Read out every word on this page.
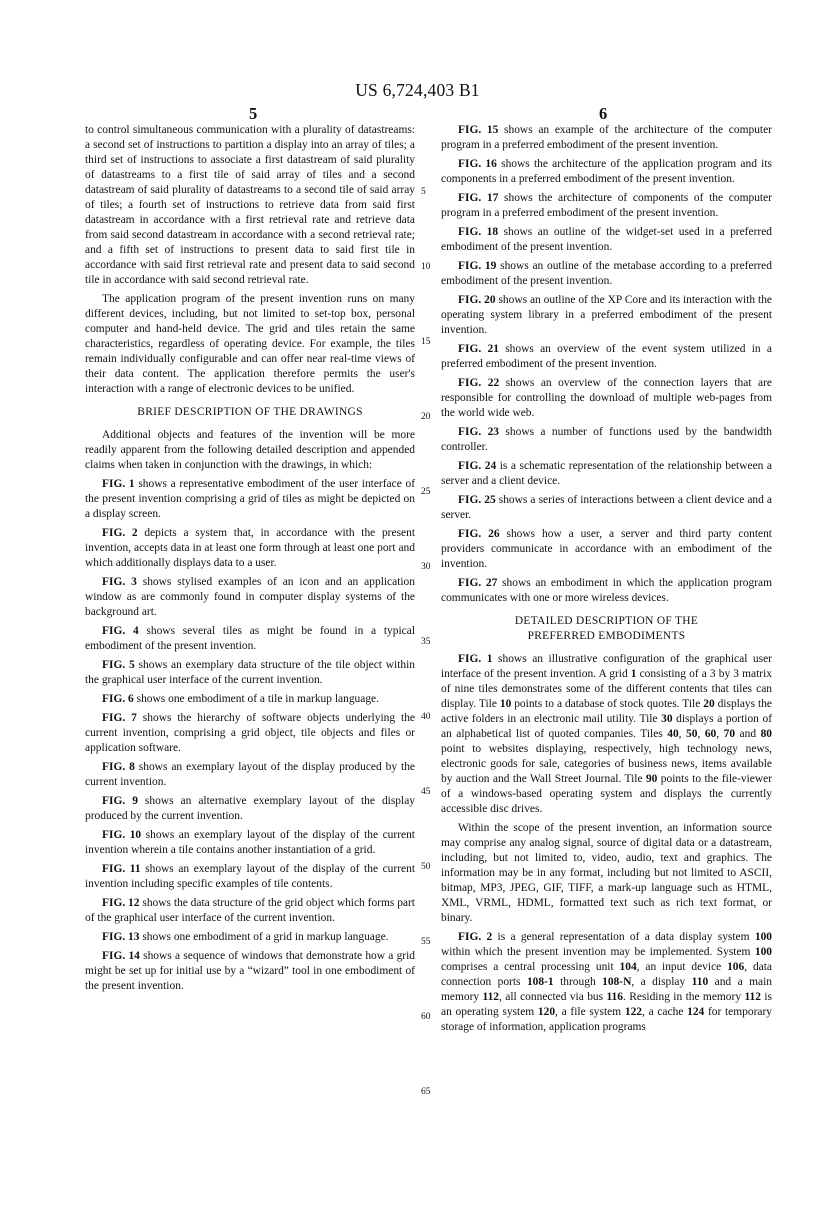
US 6,724,403 B1
5	6
5
10
15
20
25
30
35
40
45
50
55
60
65

to control simultaneous communication with a plurality of datastreams: a second set of instructions to partition a display into an array of tiles; a third set of instructions to associate a first datastream of said plurality of datastreams to a first tile of said array of tiles and a second datastream of said plurality of datastreams to a second tile of said array of tiles; a fourth set of instructions to retrieve data from said first datastream in accordance with a first retrieval rate and retrieve data from said second datastream in accordance with a second retrieval rate; and a fifth set of instructions to present data to said first tile in accordance with said first retrieval rate and present data to said second tile in accordance with said second retrieval rate.

The application program of the present invention runs on many different devices, including, but not limited to set-top box, personal computer and hand-held device. The grid and tiles retain the same characteristics, regardless of operating device. For example, the tiles remain individually configurable and can offer near real-time views of their data content. The application therefore permits the user's interaction with a range of electronic devices to be unified.

BRIEF DESCRIPTION OF THE DRAWINGS

Additional objects and features of the invention will be more readily apparent from the following detailed description and appended claims when taken in conjunction with the drawings, in which:

FIG. 1 shows a representative embodiment of the user interface of the present invention comprising a grid of tiles as might be depicted on a display screen.

FIG. 2 depicts a system that, in accordance with the present invention, accepts data in at least one form through at least one port and which additionally displays data to a user.

FIG. 3 shows stylised examples of an icon and an application window as are commonly found in computer display systems of the background art.

FIG. 4 shows several tiles as might be found in a typical embodiment of the present invention.

FIG. 5 shows an exemplary data structure of the tile object within the graphical user interface of the current invention.

FIG. 6 shows one embodiment of a tile in markup language.

FIG. 7 shows the hierarchy of software objects underlying the current invention, comprising a grid object, tile objects and files or application software.

FIG. 8 shows an exemplary layout of the display produced by the current invention.

FIG. 9 shows an alternative exemplary layout of the display produced by the current invention.

FIG. 10 shows an exemplary layout of the display of the current invention wherein a tile contains another instantiation of a grid.

FIG. 11 shows an exemplary layout of the display of the current invention including specific examples of tile contents.

FIG. 12 shows the data structure of the grid object which forms part of the graphical user interface of the current invention.

FIG. 13 shows one embodiment of a grid in markup language.

FIG. 14 shows a sequence of windows that demonstrate how a grid might be set up for initial use by a “wizard” tool in one embodiment of the present invention.

FIG. 15 shows an example of the architecture of the computer program in a preferred embodiment of the present invention.

FIG. 16 shows the architecture of the application program and its components in a preferred embodiment of the present invention.

FIG. 17 shows the architecture of components of the computer program in a preferred embodiment of the present invention.

FIG. 18 shows an outline of the widget-set used in a preferred embodiment of the present invention.

FIG. 19 shows an outline of the metabase according to a preferred embodiment of the present invention.

FIG. 20 shows an outline of the XP Core and its interaction with the operating system library in a preferred embodiment of the present invention.

FIG. 21 shows an overview of the event system utilized in a preferred embodiment of the present invention.

FIG. 22 shows an overview of the connection layers that are responsible for controlling the download of multiple web-pages from the world wide web.

FIG. 23 shows a number of functions used by the bandwidth controller.

FIG. 24 is a schematic representation of the relationship between a server and a client device.

FIG. 25 shows a series of interactions between a client device and a server.

FIG. 26 shows how a user, a server and third party content providers communicate in accordance with an embodiment of the invention.

FIG. 27 shows an embodiment in which the application program communicates with one or more wireless devices.

DETAILED DESCRIPTION OF THE
PREFERRED EMBODIMENTS

FIG. 1 shows an illustrative configuration of the graphical user interface of the present invention. A grid 1 consisting of a 3 by 3 matrix of nine tiles demonstrates some of the different contents that tiles can display. Tile 10 points to a database of stock quotes. Tile 20 displays the active folders in an electronic mail utility. Tile 30 displays a portion of an alphabetical list of quoted companies. Tiles 40, 50, 60, 70 and 80 point to websites displaying, respectively, high technology news, electronic goods for sale, categories of business news, items available by auction and the Wall Street Journal. Tile 90 points to the file-viewer of a windows-based operating system and displays the currently accessible disc drives.

Within the scope of the present invention, an information source may comprise any analog signal, source of digital data or a datastream, including, but not limited to, video, audio, text and graphics. The information may be in any format, including but not limited to ASCII, bitmap, MP3, JPEG, GIF, TIFF, a mark-up language such as HTML, XML, VRML, HDML, formatted text such as rich text format, or binary.

FIG. 2 is a general representation of a data display system 100 within which the present invention may be implemented. System 100 comprises a central processing unit 104, an input device 106, data connection ports 108-1 through 108-N, a display 110 and a main memory 112, all connected via bus 116. Residing in the memory 112 is an operating system 120, a file system 122, a cache 124 for temporary storage of information, application programs
